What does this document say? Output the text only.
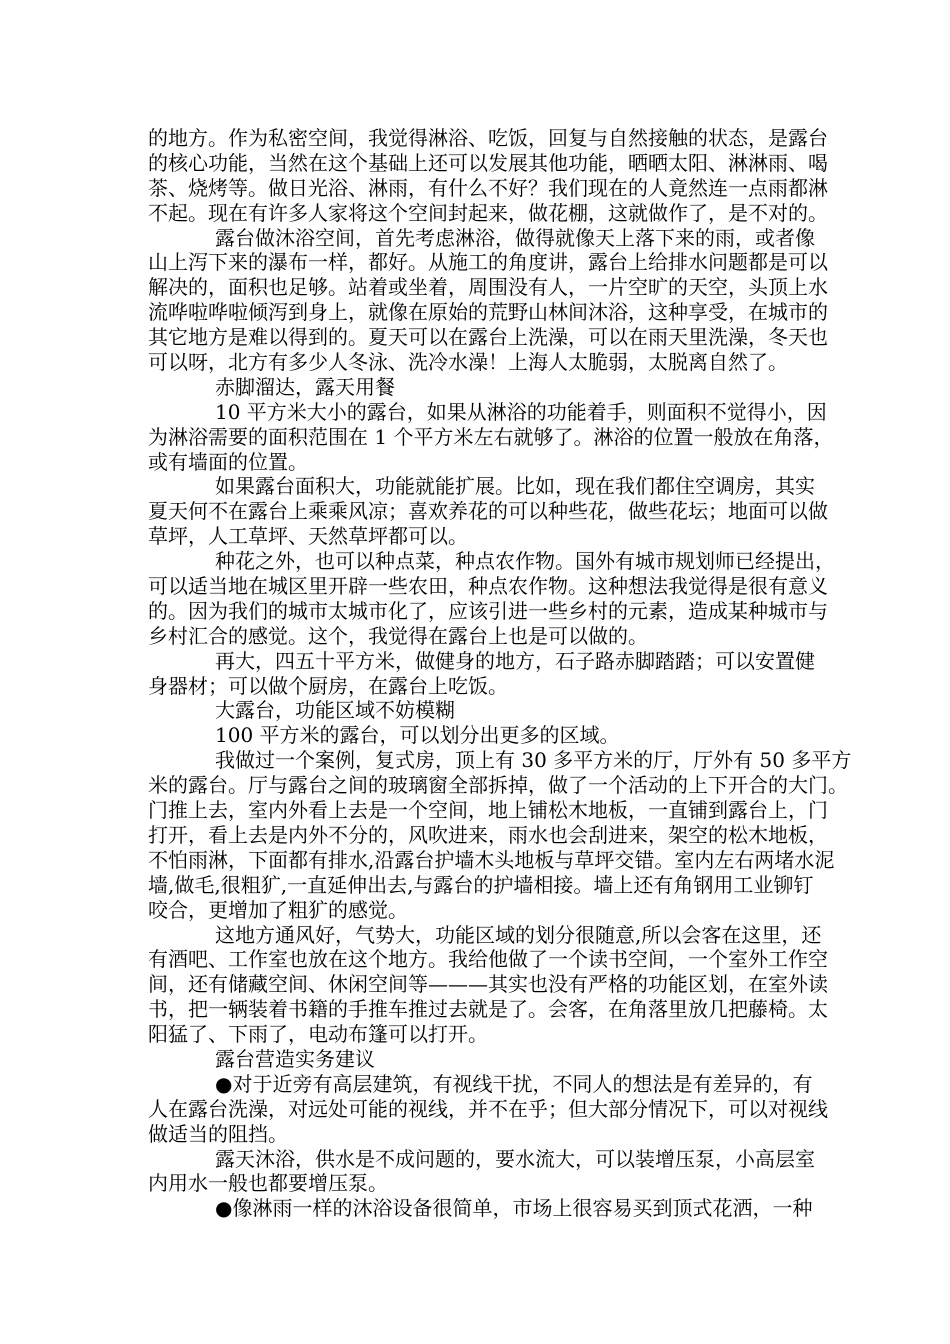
的地方。作为私密空间，我觉得淋浴、吃饭，回复与自然接触的状态，是露台
的核心功能，当然在这个基础上还可以发展其他功能，晒晒太阳、淋淋雨、喝
茶、烧烤等。做日光浴、淋雨，有什么不好？我们现在的人竟然连一点雨都淋
不起。现在有许多人家将这个空间封起来，做花棚，这就做作了，是不对的。
露台做沐浴空间，首先考虑淋浴，做得就像天上落下来的雨，或者像
山上泻下来的瀑布一样，都好。从施工的角度讲，露台上给排水问题都是可以
解决的，面积也足够。站着或坐着，周围没有人，一片空旷的天空，头顶上水
流哗啦哗啦倾泻到身上，就像在原始的荒野山林间沐浴，这种享受，在城市的
其它地方是难以得到的。夏天可以在露台上洗澡，可以在雨天里洗澡，冬天也
可以呀，北方有多少人冬泳、洗冷水澡！上海人太脆弱，太脱离自然了。
赤脚溜达，露天用餐
10 平方米大小的露台，如果从淋浴的功能着手，则面积不觉得小，因
为淋浴需要的面积范围在 1 个平方米左右就够了。淋浴的位置一般放在角落，
或有墙面的位置。
如果露台面积大，功能就能扩展。比如，现在我们都住空调房，其实
夏天何不在露台上乘乘风凉；喜欢养花的可以种些花，做些花坛；地面可以做
草坪，人工草坪、天然草坪都可以。
种花之外，也可以种点菜，种点农作物。国外有城市规划师已经提出，
可以适当地在城区里开辟一些农田，种点农作物。这种想法我觉得是很有意义
的。因为我们的城市太城市化了，应该引进一些乡村的元素，造成某种城市与
乡村汇合的感觉。这个，我觉得在露台上也是可以做的。
再大，四五十平方米，做健身的地方，石子路赤脚踏踏；可以安置健
身器材；可以做个厨房，在露台上吃饭。
大露台，功能区域不妨模糊
100 平方米的露台，可以划分出更多的区域。
我做过一个案例，复式房，顶上有 30 多平方米的厅，厅外有 50 多平方
米的露台。厅与露台之间的玻璃窗全部拆掉，做了一个活动的上下开合的大门。
门推上去，室内外看上去是一个空间，地上铺松木地板，一直铺到露台上，门
打开，看上去是内外不分的，风吹进来，雨水也会刮进来，架空的松木地板，
不怕雨淋，下面都有排水,沿露台护墙木头地板与草坪交错。室内左右两堵水泥
墙,做毛,很粗犷,一直延伸出去,与露台的护墙相接。墙上还有角钢用工业铆钉
咬合，更增加了粗犷的感觉。
这地方通风好，气势大，功能区域的划分很随意,所以会客在这里，还
有酒吧、工作室也放在这个地方。我给他做了一个读书空间，一个室外工作空
间，还有储藏空间、休闲空间等———其实也没有严格的功能区划，在室外读
书，把一辆装着书籍的手推车推过去就是了。会客，在角落里放几把藤椅。太
阳猛了、下雨了，电动布篷可以打开。
露台营造实务建议
●对于近旁有高层建筑，有视线干扰，不同人的想法是有差异的，有
人在露台洗澡，对远处可能的视线，并不在乎；但大部分情况下，可以对视线
做适当的阻挡。
露天沐浴，供水是不成问题的，要水流大，可以装增压泵，小高层室
内用水一般也都要增压泵。
●像淋雨一样的沐浴设备很简单，市场上很容易买到顶式花洒，一种
